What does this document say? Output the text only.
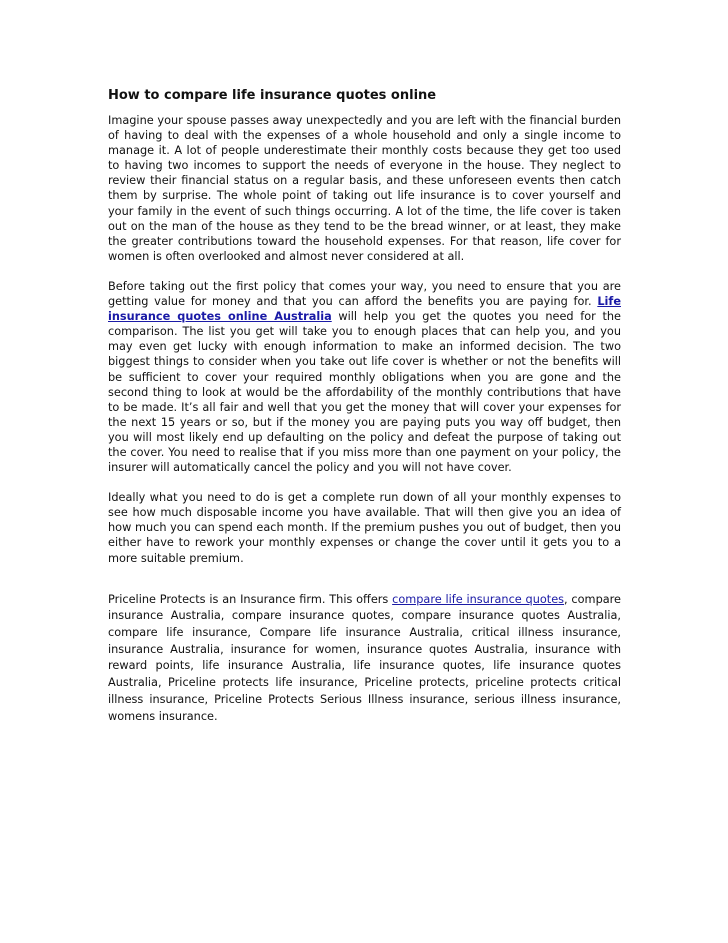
How to compare life insurance quotes online

Imagine your spouse passes away unexpectedly and you are left with the financial burden of having to deal with the expenses of a whole household and only a single income to manage it. A lot of people underestimate their monthly costs because they get too used to having two incomes to support the needs of everyone in the house. They neglect to review their financial status on a regular basis, and these unforeseen events then catch them by surprise. The whole point of taking out life insurance is to cover yourself and your family in the event of such things occurring. A lot of the time, the life cover is taken out on the man of the house as they tend to be the bread winner, or at least, they make the greater contributions toward the household expenses. For that reason, life cover for women is often overlooked and almost never considered at all.

Before taking out the first policy that comes your way, you need to ensure that you are getting value for money and that you can afford the benefits you are paying for. Life insurance quotes online Australia will help you get the quotes you need for the comparison. The list you get will take you to enough places that can help you, and you may even get lucky with enough information to make an informed decision. The two biggest things to consider when you take out life cover is whether or not the benefits will be sufficient to cover your required monthly obligations when you are gone and the second thing to look at would be the affordability of the monthly contributions that have to be made. It’s all fair and well that you get the money that will cover your expenses for the next 15 years or so, but if the money you are paying puts you way off budget, then you will most likely end up defaulting on the policy and defeat the purpose of taking out the cover. You need to realise that if you miss more than one payment on your policy, the insurer will automatically cancel the policy and you will not have cover.

Ideally what you need to do is get a complete run down of all your monthly expenses to see how much disposable income you have available. That will then give you an idea of how much you can spend each month. If the premium pushes you out of budget, then you either have to rework your monthly expenses or change the cover until it gets you to a more suitable premium.

Priceline Protects is an Insurance firm. This offers compare life insurance quotes, compare insurance Australia, compare insurance quotes, compare insurance quotes Australia, compare life insurance, Compare life insurance Australia, critical illness insurance, insurance Australia, insurance for women, insurance quotes Australia, insurance with reward points, life insurance Australia, life insurance quotes, life insurance quotes Australia, Priceline protects life insurance, Priceline protects, priceline protects critical illness insurance, Priceline Protects Serious Illness insurance, serious illness insurance, womens insurance.
